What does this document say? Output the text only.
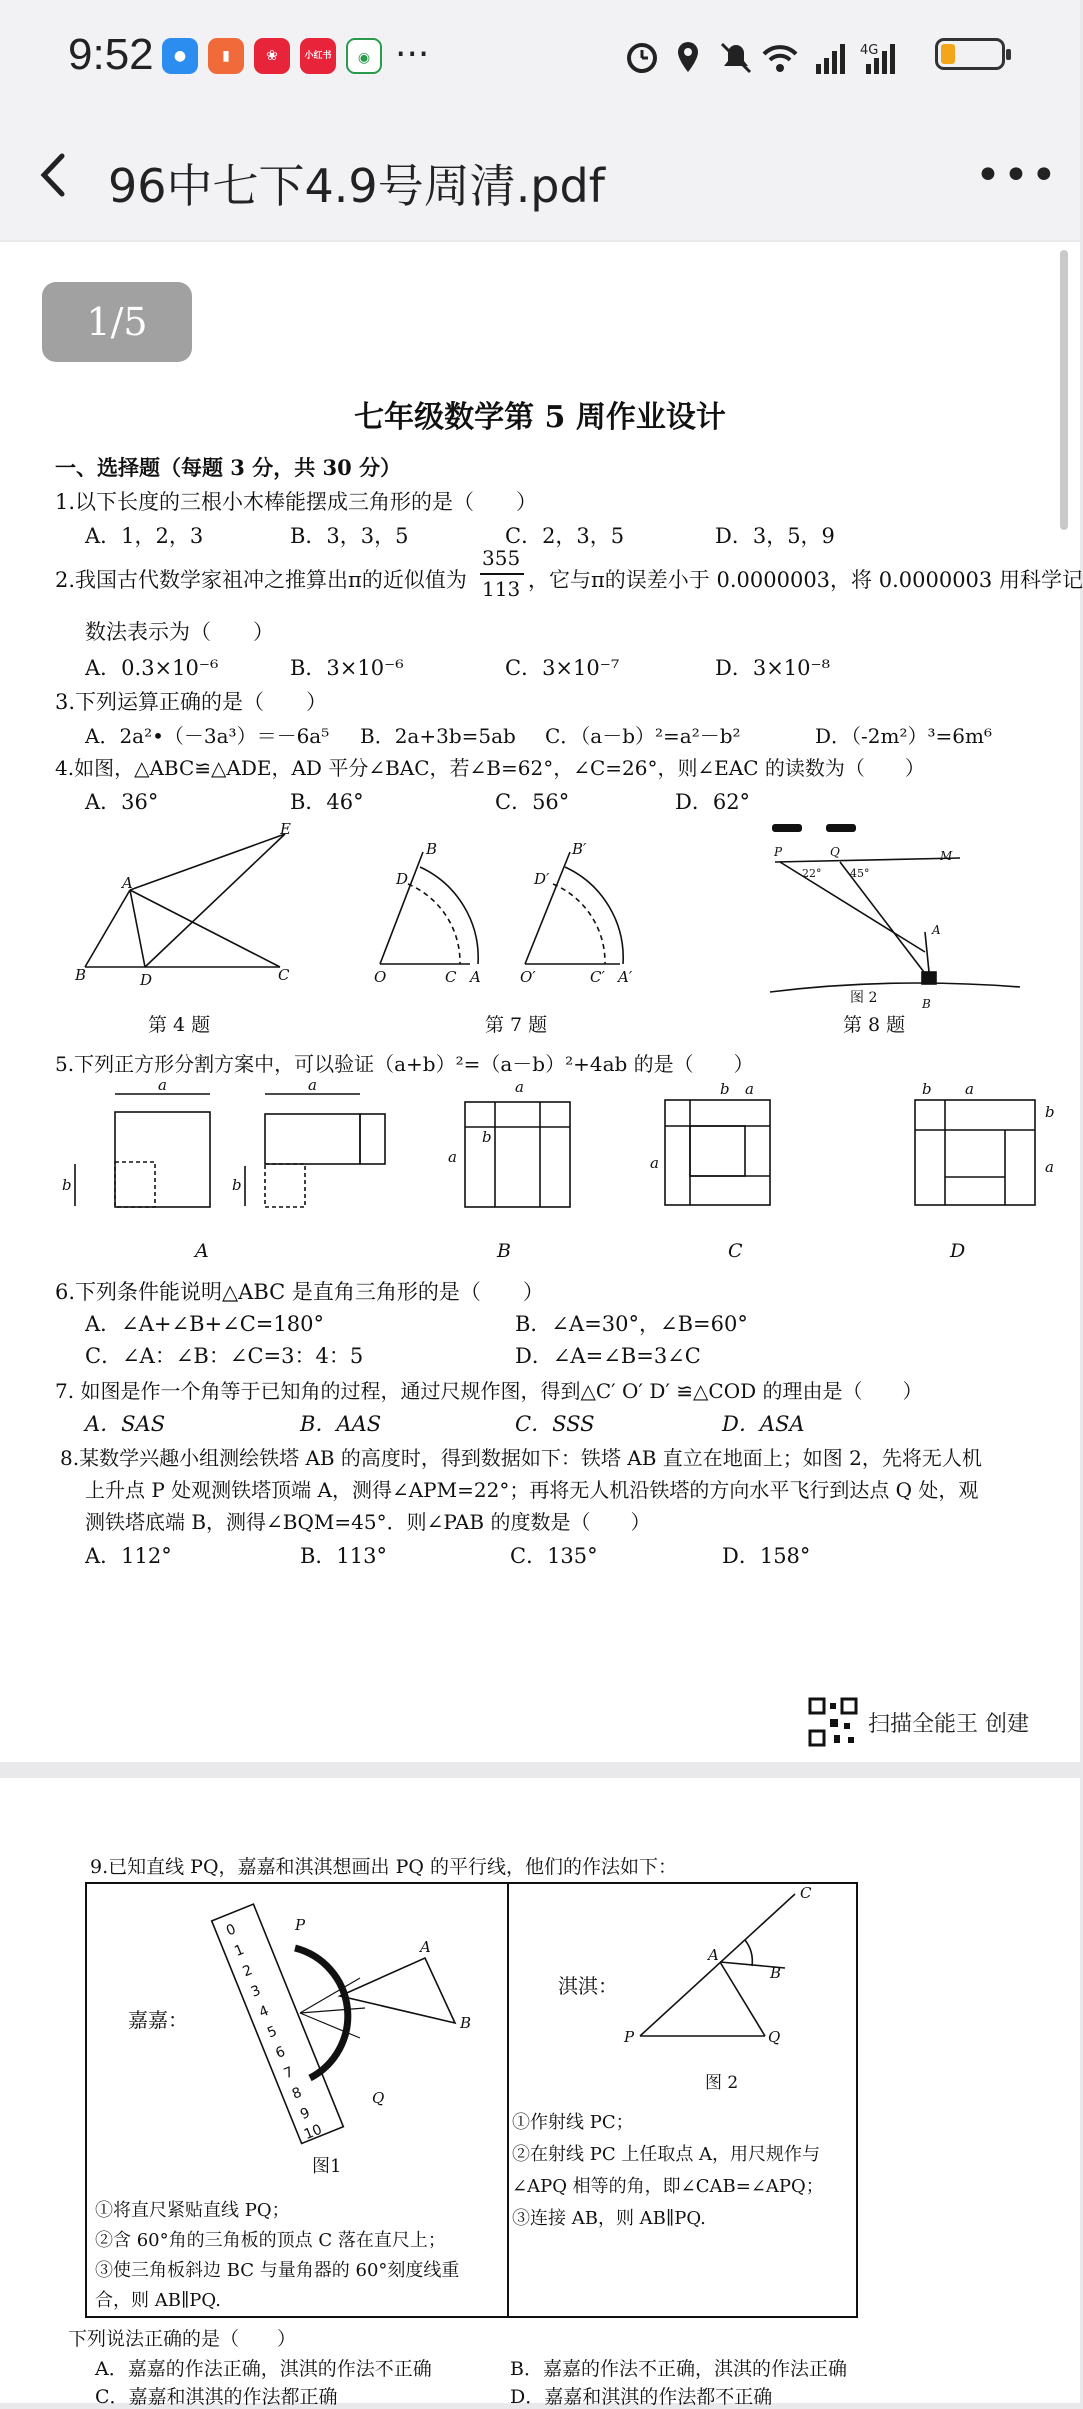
9:52	●	▮	❀	小红书	◉ ···	4G
96中七下4.9号周清.pdf	•••
1/5
七年级数学第 5 周作业设计
一、选择题（每题 3 分，共 30 分）
1.以下长度的三根小木棒能摆成三角形的是（　　）
A．1，2，3	B．3，3，5	C．2，3，5	D．3，5，9
2.我国古代数学家祖冲之推算出π的近似值为
355
113 ，它与π的误差小于 0.0000003，将 0.0000003 用科学记
数法表示为（　　）
A．0.3×10⁻⁶	B．3×10⁻⁶	C．3×10⁻⁷	D．3×10⁻⁸
3.下列运算正确的是（　　）
A．2a²•（－3a³）＝－6a⁵ B．2a+3b=5ab C．（a－b）²=a²－b²	D．（-2m²）³=6m⁶
4.如图，△ABC≌△ADE，AD 平分∠BAC，若∠B=62°，∠C=26°，则∠EAC 的读数为（　　）
A．36°	B．46°	C．56°	D．62°
A
B	D	C
E
O	C A
D
B
O′	C′ A′
D′
B′	P	Q	M
A
B
22°	45°
第 4 题	第 7 题
图 2
第 8 题
5.下列正方形分割方案中，可以验证（a+b）²=（a－b）²+4ab 的是（　　）
a
b
a
b
a
b
a
a
b
a
a
b
b
a
A	B	C	D
6.下列条件能说明△ABC 是直角三角形的是（　　）
A．∠A+∠B+∠C=180°	B．∠A=30°，∠B=60°
C．∠A：∠B：∠C=3：4：5	D．∠A=∠B=3∠C
7. 如图是作一个角等于已知角的过程，通过尺规作图，得到△C′ O′ D′ ≌△COD 的理由是（　　）
A．SAS	B．AAS	C．SSS	D．ASA
8.某数学兴趣小组测绘铁塔 AB 的高度时，得到数据如下：铁塔 AB 直立在地面上；如图 2，先将无人机
上升点 P 处观测铁塔顶端 A，测得∠APM=22°；再将无人机沿铁塔的方向水平飞行到达点 Q 处，观
测铁塔底端 B，测得∠BQM=45°．则∠PAB 的度数是（　　）
A．112°	B．113°	C．135°	D．158°
扫描全能王 创建
9.已知直线 PQ，嘉嘉和淇淇想画出 PQ 的平行线，他们的作法如下：
嘉嘉：
淇淇：
0
1
2
3
4
5
6
7
8
9
10
P
A
B
Q
图1
C
A
B
P	Q
图 2
①将直尺紧贴直线 PQ；
②含 60°角的三角板的顶点 C 落在直尺上；
③使三角板斜边 BC 与量角器的 60°刻度线重
合，则 AB∥PQ.
①作射线 PC；
②在射线 PC 上任取点 A，用尺规作与
∠APQ 相等的角，即∠CAB=∠APQ；
③连接 AB，则 AB∥PQ.
下列说法正确的是（　　）
A．嘉嘉的作法正确，淇淇的作法不正确	B．嘉嘉的作法不正确，淇淇的作法正确
C．嘉嘉和淇淇的作法都正确	D．嘉嘉和淇淇的作法都不正确
